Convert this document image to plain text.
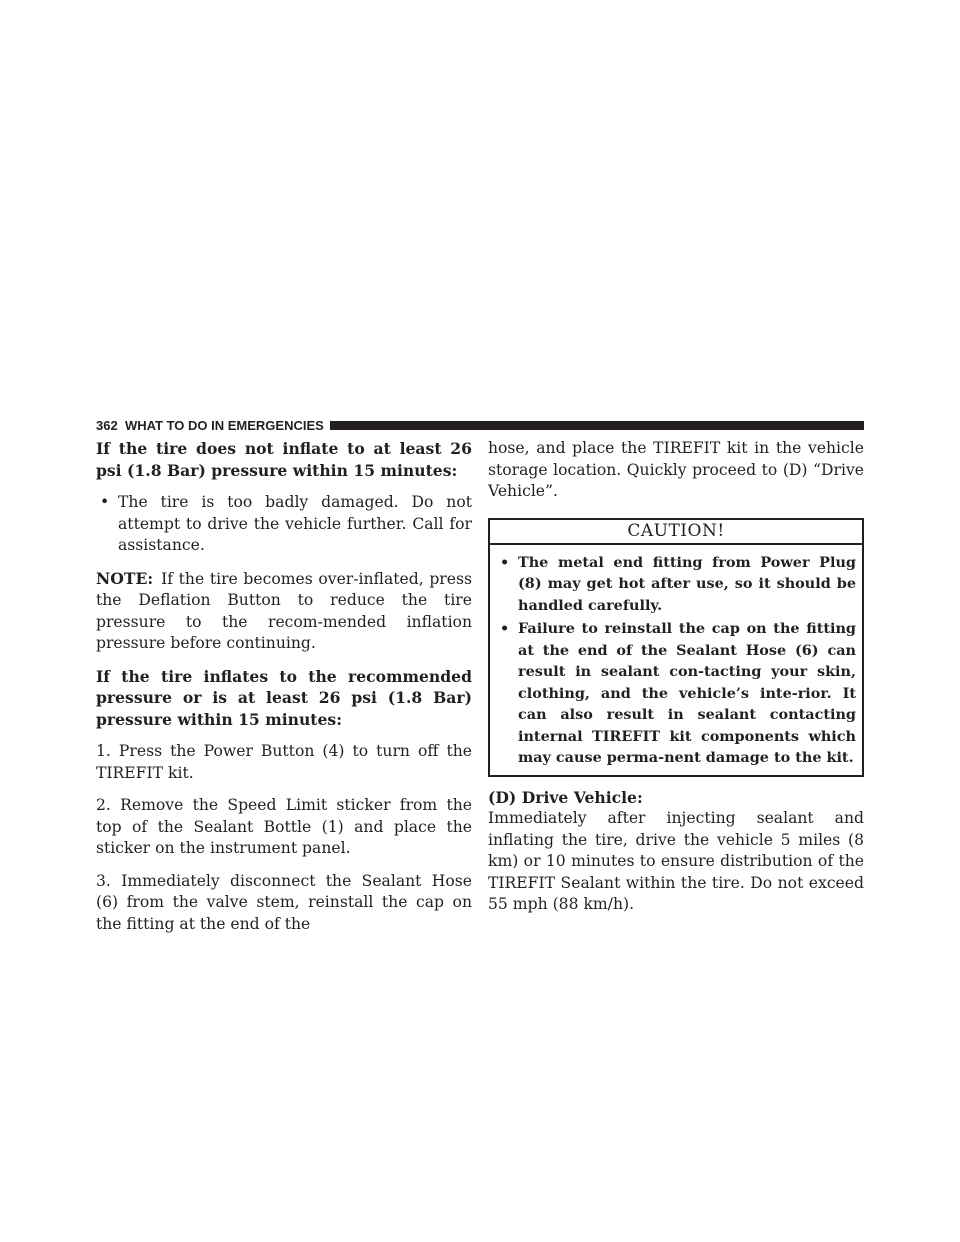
362 WHAT TO DO IN EMERGENCIES

If the tire does not inflate to at least 26 psi (1.8 Bar) pressure within 15 minutes:

• The tire is too badly damaged. Do not attempt to drive the vehicle further. Call for assistance.

NOTE: If the tire becomes over-inflated, press the Deflation Button to reduce the tire pressure to the recom-mended inflation pressure before continuing.

If the tire inflates to the recommended pressure or is at least 26 psi (1.8 Bar) pressure within 15 minutes:

1. Press the Power Button (4) to turn off the TIREFIT kit.

2. Remove the Speed Limit sticker from the top of the Sealant Bottle (1) and place the sticker on the instrument panel.

3. Immediately disconnect the Sealant Hose (6) from the valve stem, reinstall the cap on the fitting at the end of the

hose, and place the TIREFIT kit in the vehicle storage location. Quickly proceed to (D) “Drive Vehicle”.

CAUTION!
• The metal end fitting from Power Plug (8) may get hot after use, so it should be handled carefully.
• Failure to reinstall the cap on the fitting at the end of the Sealant Hose (6) can result in sealant con-tacting your skin, clothing, and the vehicle’s inte-rior. It can also result in sealant contacting internal TIREFIT kit components which may cause perma-nent damage to the kit.

(D) Drive Vehicle:

Immediately after injecting sealant and inflating the tire, drive the vehicle 5 miles (8 km) or 10 minutes to ensure distribution of the TIREFIT Sealant within the tire. Do not exceed 55 mph (88 km/h).
